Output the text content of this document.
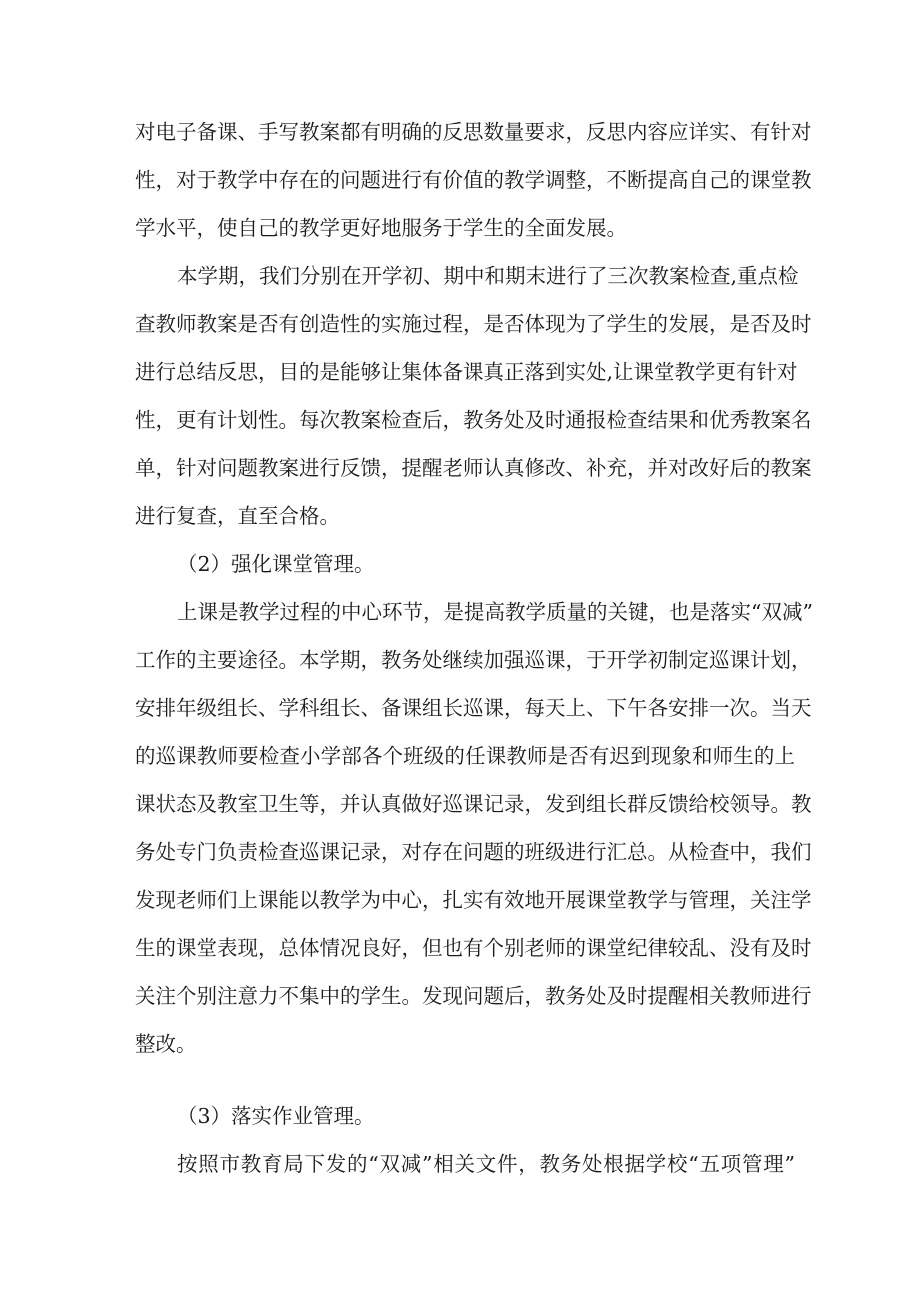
对电子备课、手写教案都有明确的反思数量要求，反思内容应详实、有针对
性，对于教学中存在的问题进行有价值的教学调整，不断提高自己的课堂教
学水平，使自己的教学更好地服务于学生的全面发展。
本学期，我们分别在开学初、期中和期末进行了三次教案检查,重点检
查教师教案是否有创造性的实施过程，是否体现为了学生的发展，是否及时
进行总结反思，目的是能够让集体备课真正落到实处,让课堂教学更有针对
性，更有计划性。每次教案检查后，教务处及时通报检查结果和优秀教案名
单，针对问题教案进行反馈，提醒老师认真修改、补充，并对改好后的教案
进行复查，直至合格。
（2）强化课堂管理。
上课是教学过程的中心环节，是提高教学质量的关键，也是落实“双减”
工作的主要途径。本学期，教务处继续加强巡课，于开学初制定巡课计划，
安排年级组长、学科组长、备课组长巡课，每天上、下午各安排一次。当天
的巡课教师要检查小学部各个班级的任课教师是否有迟到现象和师生的上
课状态及教室卫生等，并认真做好巡课记录，发到组长群反馈给校领导。教
务处专门负责检查巡课记录，对存在问题的班级进行汇总。从检查中，我们
发现老师们上课能以教学为中心，扎实有效地开展课堂教学与管理，关注学
生的课堂表现，总体情况良好，但也有个别老师的课堂纪律较乱、没有及时
关注个别注意力不集中的学生。发现问题后，教务处及时提醒相关教师进行
整改。
（3）落实作业管理。
按照市教育局下发的“双减”相关文件，教务处根据学校“五项管理”
